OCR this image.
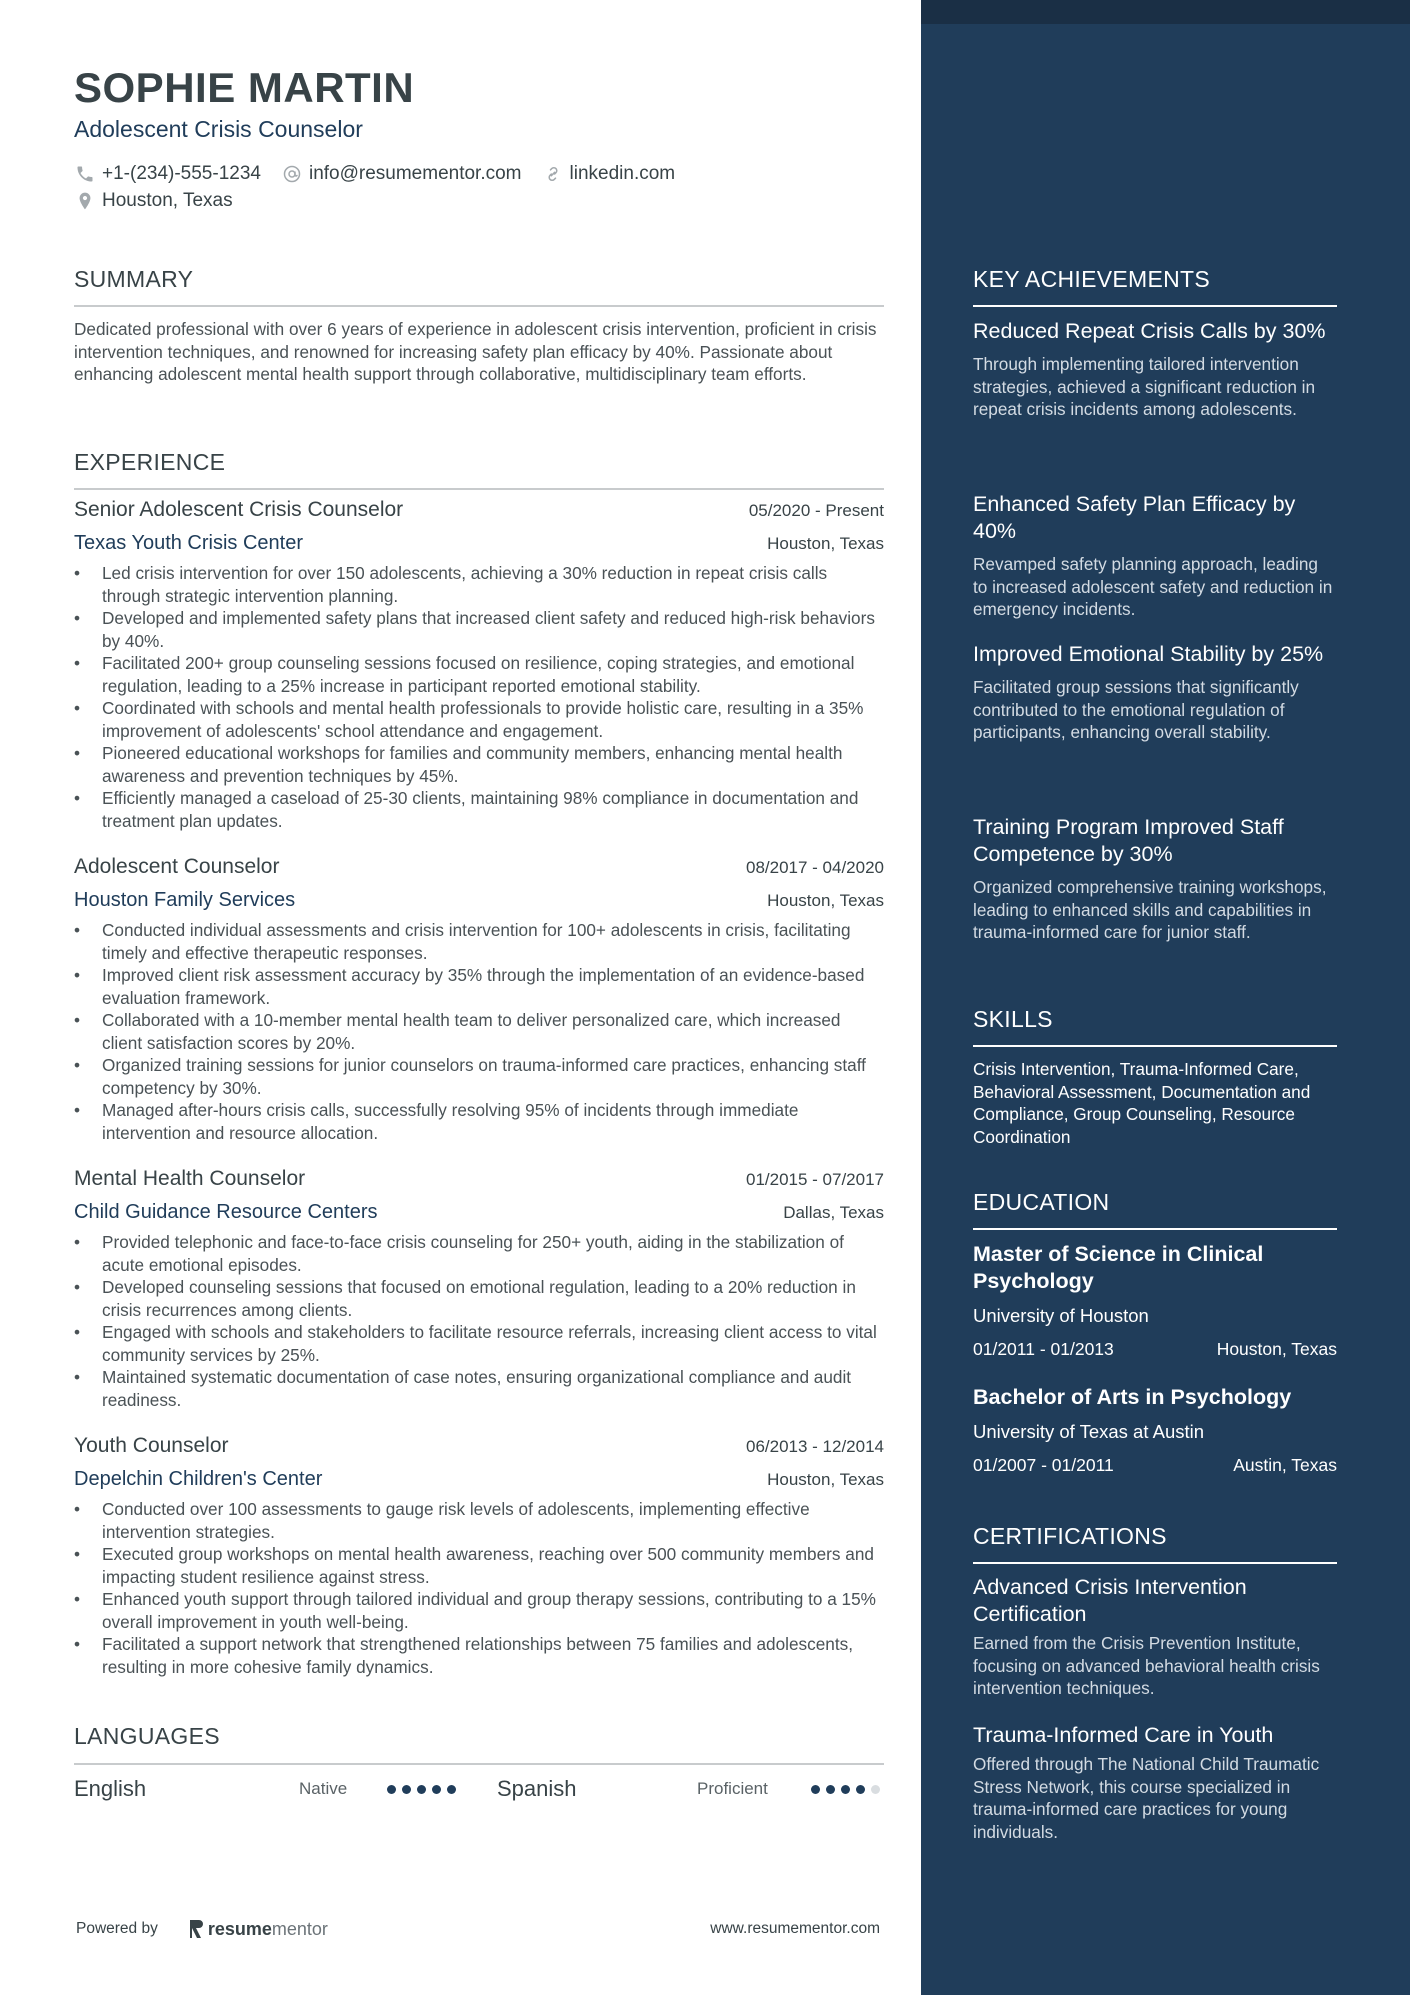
SOPHIE MARTIN
Adolescent Crisis Counselor
+1-(234)-555-1234	info@resumementor.com	linkedin.com
Houston, Texas
SUMMARY
Dedicated professional with over 6 years of experience in adolescent crisis intervention, proficient in crisis intervention techniques, and renowned for increasing safety plan efficacy by 40%. Passionate about enhancing adolescent mental health support through collaborative, multidisciplinary team efforts.
EXPERIENCE
Senior Adolescent Crisis Counselor	05/2020 - Present
Texas Youth Crisis Center	Houston, Texas
• Led crisis intervention for over 150 adolescents, achieving a 30% reduction in repeat crisis calls through strategic intervention planning.
• Developed and implemented safety plans that increased client safety and reduced high-risk behaviors by 40%.
• Facilitated 200+ group counseling sessions focused on resilience, coping strategies, and emotional regulation, leading to a 25% increase in participant reported emotional stability.
• Coordinated with schools and mental health professionals to provide holistic care, resulting in a 35% improvement of adolescents' school attendance and engagement.
• Pioneered educational workshops for families and community members, enhancing mental health awareness and prevention techniques by 45%.
• Efficiently managed a caseload of 25-30 clients, maintaining 98% compliance in documentation and treatment plan updates.
Adolescent Counselor	08/2017 - 04/2020
Houston Family Services	Houston, Texas
• Conducted individual assessments and crisis intervention for 100+ adolescents in crisis, facilitating timely and effective therapeutic responses.
• Improved client risk assessment accuracy by 35% through the implementation of an evidence-based evaluation framework.
• Collaborated with a 10-member mental health team to deliver personalized care, which increased client satisfaction scores by 20%.
• Organized training sessions for junior counselors on trauma-informed care practices, enhancing staff competency by 30%.
• Managed after-hours crisis calls, successfully resolving 95% of incidents through immediate intervention and resource allocation.
Mental Health Counselor	01/2015 - 07/2017
Child Guidance Resource Centers	Dallas, Texas
• Provided telephonic and face-to-face crisis counseling for 250+ youth, aiding in the stabilization of acute emotional episodes.
• Developed counseling sessions that focused on emotional regulation, leading to a 20% reduction in crisis recurrences among clients.
• Engaged with schools and stakeholders to facilitate resource referrals, increasing client access to vital community services by 25%.
• Maintained systematic documentation of case notes, ensuring organizational compliance and audit readiness.
Youth Counselor	06/2013 - 12/2014
Depelchin Children's Center	Houston, Texas
• Conducted over 100 assessments to gauge risk levels of adolescents, implementing effective intervention strategies.
• Executed group workshops on mental health awareness, reaching over 500 community members and impacting student resilience against stress.
• Enhanced youth support through tailored individual and group therapy sessions, contributing to a 15% overall improvement in youth well-being.
• Facilitated a support network that strengthened relationships between 75 families and adolescents, resulting in more cohesive family dynamics.
LANGUAGES
English	Native	Spanish	Proficient
Powered by	resume mentor	www.resumementor.com
KEY ACHIEVEMENTS
Reduced Repeat Crisis Calls by 30%
Through implementing tailored intervention strategies, achieved a significant reduction in repeat crisis incidents among adolescents.
Enhanced Safety Plan Efficacy by 40%
Revamped safety planning approach, leading to increased adolescent safety and reduction in emergency incidents.
Improved Emotional Stability by 25%
Facilitated group sessions that significantly contributed to the emotional regulation of participants, enhancing overall stability.
Training Program Improved Staff Competence by 30%
Organized comprehensive training workshops, leading to enhanced skills and capabilities in trauma-informed care for junior staff.
SKILLS
Crisis Intervention, Trauma-Informed Care, Behavioral Assessment, Documentation and Compliance, Group Counseling, Resource Coordination
EDUCATION
Master of Science in Clinical Psychology
University of Houston
01/2011 - 01/2013	Houston, Texas
Bachelor of Arts in Psychology
University of Texas at Austin
01/2007 - 01/2011	Austin, Texas
CERTIFICATIONS
Advanced Crisis Intervention Certification
Earned from the Crisis Prevention Institute, focusing on advanced behavioral health crisis intervention techniques.
Trauma-Informed Care in Youth
Offered through The National Child Traumatic Stress Network, this course specialized in trauma-informed care practices for young individuals.
